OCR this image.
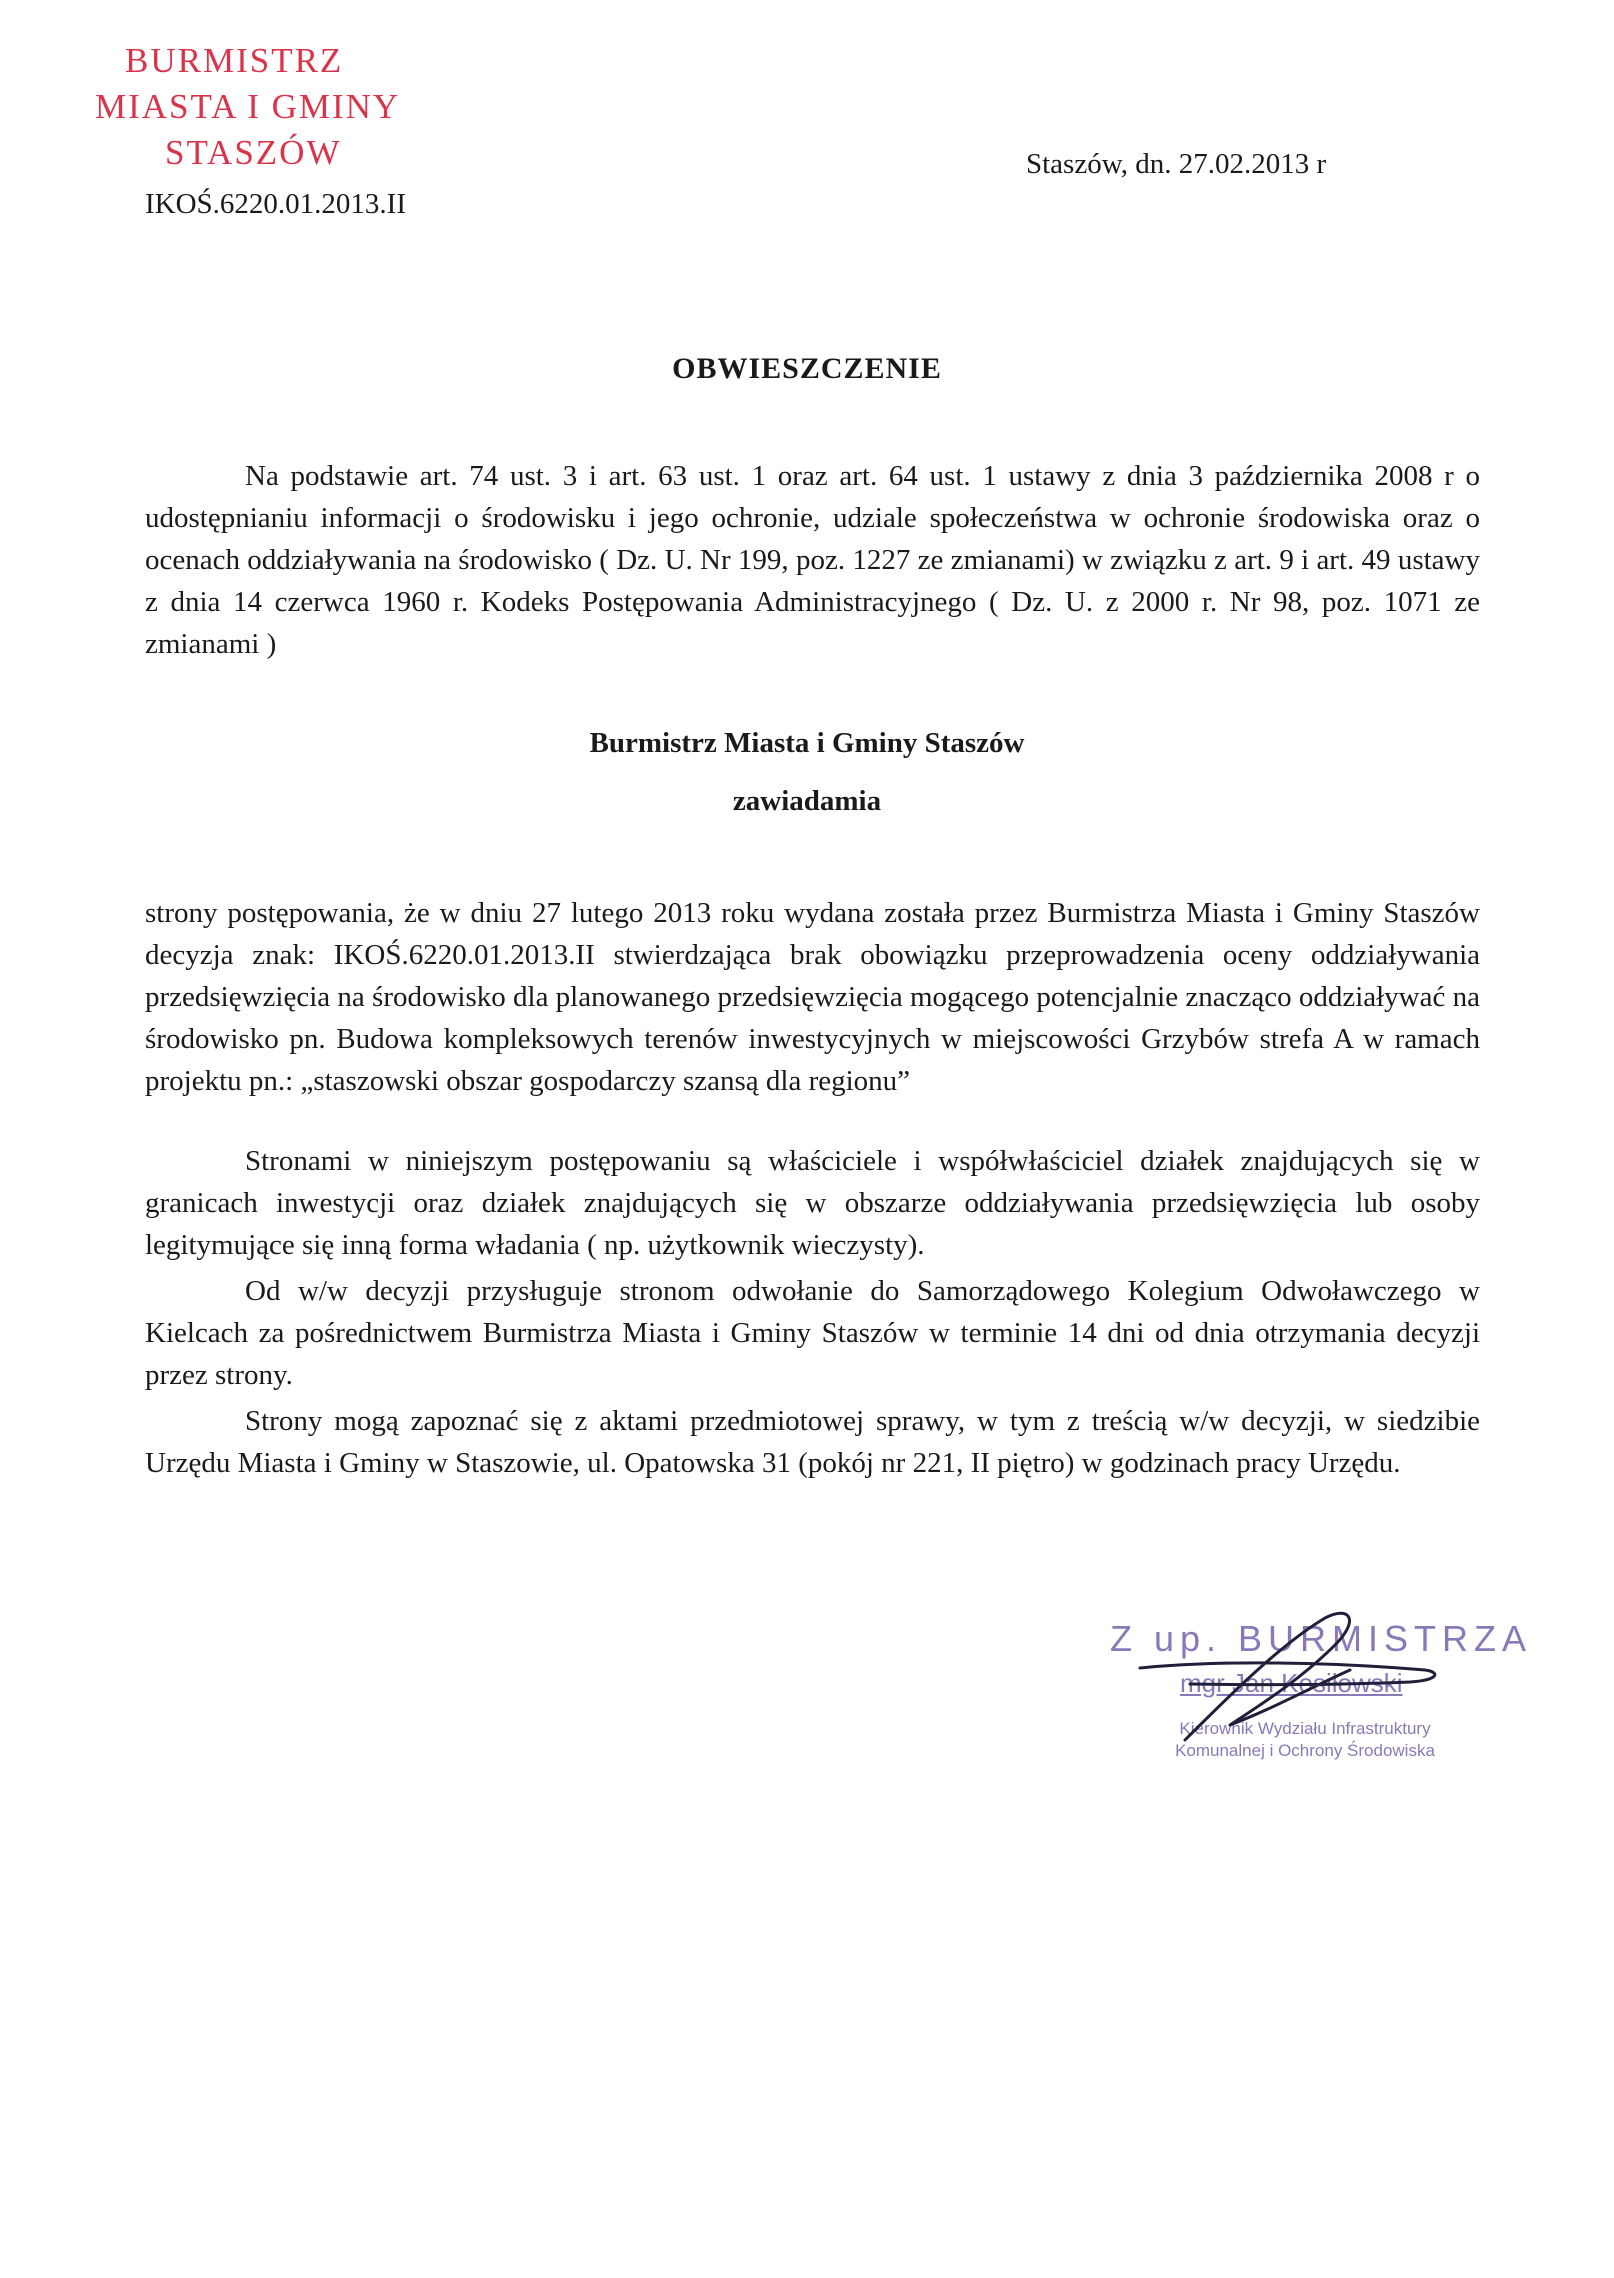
BURMISTRZ
MIASTA I GMINY
STASZÓW
IKOŚ.6220.01.2013.II
Staszów, dn. 27.02.2013 r
OBWIESZCZENIE
Na podstawie art. 74 ust. 3 i art. 63 ust. 1 oraz art. 64 ust. 1 ustawy z dnia 3 października 2008 r o udostępnianiu informacji o środowisku i jego ochronie, udziale społeczeństwa w ochronie środowiska oraz o ocenach oddziaływania na środowisko ( Dz. U. Nr 199, poz. 1227 ze zmianami) w związku z art. 9 i art. 49 ustawy z dnia 14 czerwca 1960 r. Kodeks Postępowania Administracyjnego ( Dz. U. z 2000 r. Nr 98, poz. 1071 ze zmianami )
Burmistrz Miasta i Gminy Staszów
zawiadamia
strony postępowania, że w dniu 27 lutego 2013 roku wydana została przez Burmistrza Miasta i Gminy Staszów decyzja znak: IKOŚ.6220.01.2013.II stwierdzająca brak obowiązku przeprowadzenia oceny oddziaływania przedsięwzięcia na środowisko dla planowanego przedsięwzięcia mogącego potencjalnie znacząco oddziaływać na środowisko pn. Budowa kompleksowych terenów inwestycyjnych w miejscowości Grzybów strefa A w ramach projektu pn.: „staszowski obszar gospodarczy szansą dla regionu”
Stronami w niniejszym postępowaniu są właściciele i współwłaściciel działek znajdujących się w granicach inwestycji oraz działek znajdujących się w obszarze oddziaływania przedsięwzięcia lub osoby legitymujące się inną forma władania ( np. użytkownik wieczysty).
Od w/w decyzji przysługuje stronom odwołanie do Samorządowego Kolegium Odwoławczego w Kielcach za pośrednictwem Burmistrza Miasta i Gminy Staszów w terminie 14 dni od dnia otrzymania decyzji przez strony.
Strony mogą zapoznać się z aktami przedmiotowej sprawy, w tym z treścią w/w decyzji, w siedzibie Urzędu Miasta i Gminy w Staszowie, ul. Opatowska 31 (pokój nr 221, II piętro) w godzinach pracy Urzędu.
Z up. BURMISTRZA
mgr Jan Kosiłowski
Kierownik Wydziału Infrastruktury Komunalnej i Ochrony Środowiska
